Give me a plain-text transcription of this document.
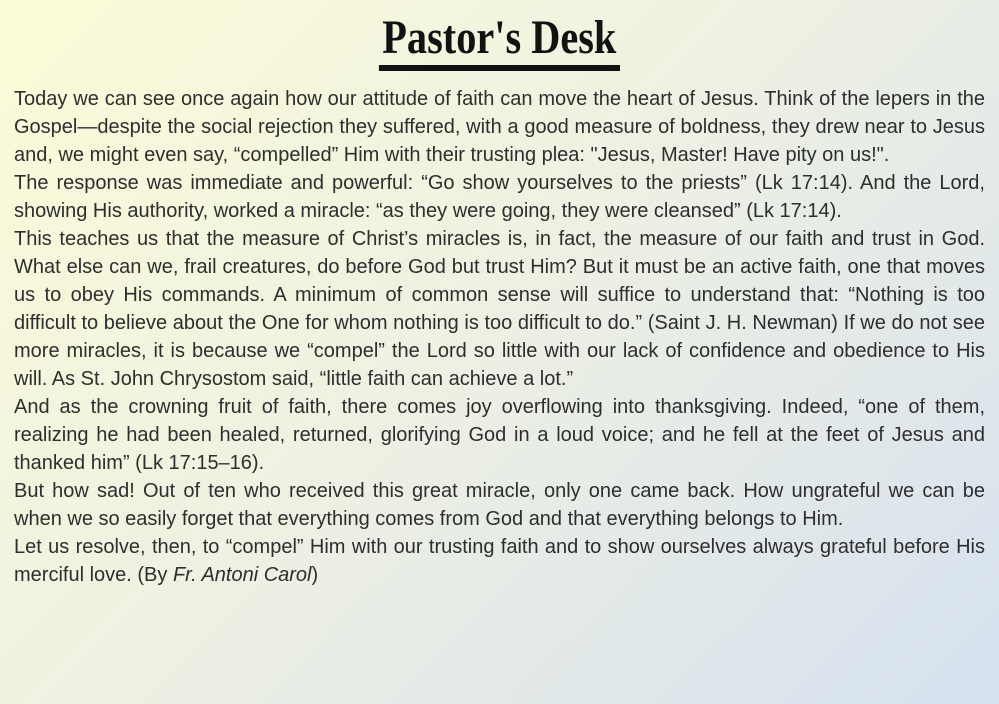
Pastor's Desk

Today we can see once again how our attitude of faith can move the heart of Jesus. Think of the lepers in the Gospel—despite the social rejection they suffered, with a good measure of boldness, they drew near to Jesus and, we might even say, “compelled” Him with their trusting plea: "Jesus, Master! Have pity on us!".

The response was immediate and powerful: “Go show yourselves to the priests” (Lk 17:14). And the Lord, showing His authority, worked a miracle: “as they were going, they were cleansed” (Lk 17:14).

This teaches us that the measure of Christ’s miracles is, in fact, the measure of our faith and trust in God. What else can we, frail creatures, do before God but trust Him? But it must be an active faith, one that moves us to obey His commands. A minimum of common sense will suffice to understand that: “Nothing is too difficult to believe about the One for whom nothing is too difficult to do.” (Saint J. H. Newman) If we do not see more miracles, it is because we “compel” the Lord so little with our lack of confidence and obedience to His will. As St. John Chrysostom said, “little faith can achieve a lot.”

And as the crowning fruit of faith, there comes joy overflowing into thanksgiving. Indeed, “one of them, realizing he had been healed, returned, glorifying God in a loud voice; and he fell at the feet of Jesus and thanked him” (Lk 17:15–16).

But how sad! Out of ten who received this great miracle, only one came back. How ungrateful we can be when we so easily forget that everything comes from God and that everything belongs to Him.

Let us resolve, then, to “compel” Him with our trusting faith and to show ourselves always grateful before His merciful love. (By Fr. Antoni Carol)
